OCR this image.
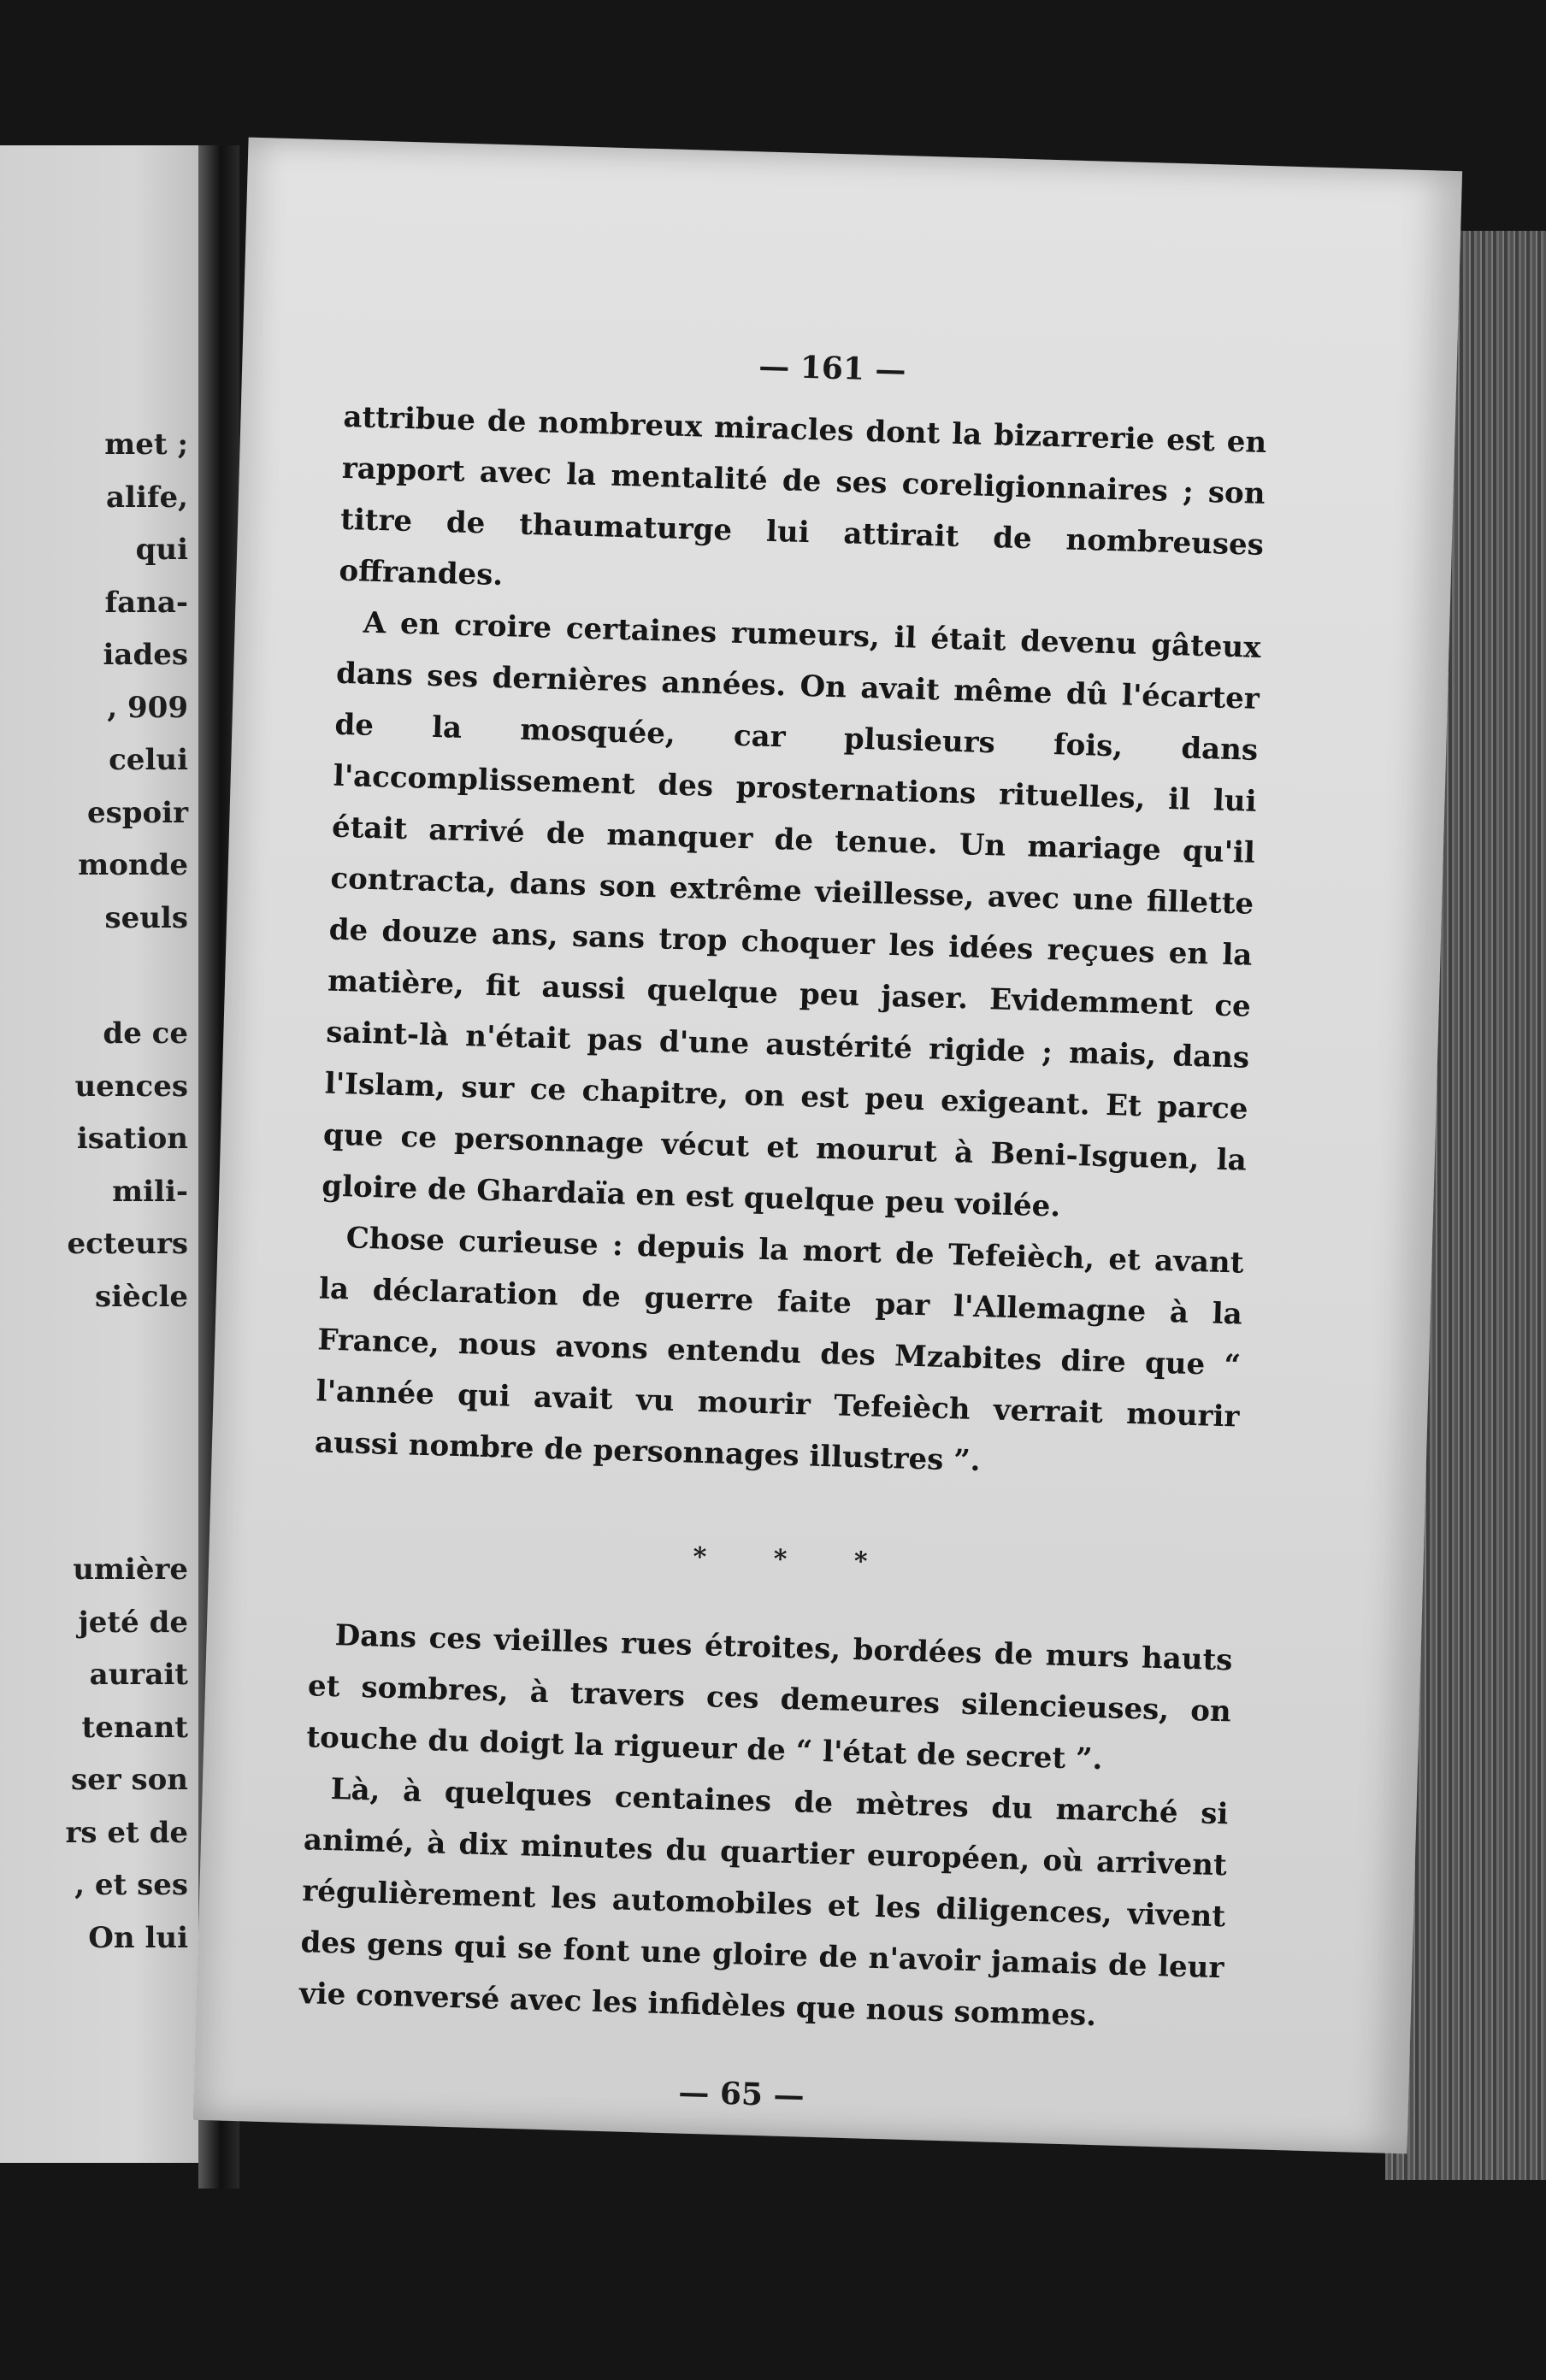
met ;
alife,
qui
fana-
iades
, 909
celui
espoir
monde
seuls
de ce
uences
isation
mili-
ecteurs
siècle
umière
jeté de
aurait
tenant
ser son
rs et de
, et ses
On lui
— 161 —

attribue de nombreux miracles dont la bizarrerie est en rapport avec la mentalité de ses coreligionnaires ; son titre de thaumaturge lui attirait de nombreuses offrandes.

A en croire certaines rumeurs, il était devenu gâteux dans ses dernières années. On avait même dû l'écarter de la mosquée, car plusieurs fois, dans l'accomplissement des prosternations rituelles, il lui était arrivé de manquer de tenue. Un mariage qu'il contracta, dans son extrême vieillesse, avec une fillette de douze ans, sans trop choquer les idées reçues en la matière, fit aussi quelque peu jaser. Evidemment ce saint-là n'était pas d'une austérité rigide ; mais, dans l'Islam, sur ce chapitre, on est peu exigeant. Et parce que ce personnage vécut et mourut à Beni-Isguen, la gloire de Ghardaïa en est quelque peu voilée.

Chose curieuse : depuis la mort de Tefeièch, et avant la déclaration de guerre faite par l'Allemagne à la France, nous avons entendu des Mzabites dire que “ l'année qui avait vu mourir Tefeièch verrait mourir aussi nombre de personnages illustres ”.

* * *

Dans ces vieilles rues étroites, bordées de murs hauts et sombres, à travers ces demeures silencieuses, on touche du doigt la rigueur de “ l'état de secret ”.

Là, à quelques centaines de mètres du marché si animé, à dix minutes du quartier européen, où arrivent régulièrement les automobiles et les diligences, vivent des gens qui se font une gloire de n'avoir jamais de leur vie conversé avec les infidèles que nous sommes.

— 65 —
